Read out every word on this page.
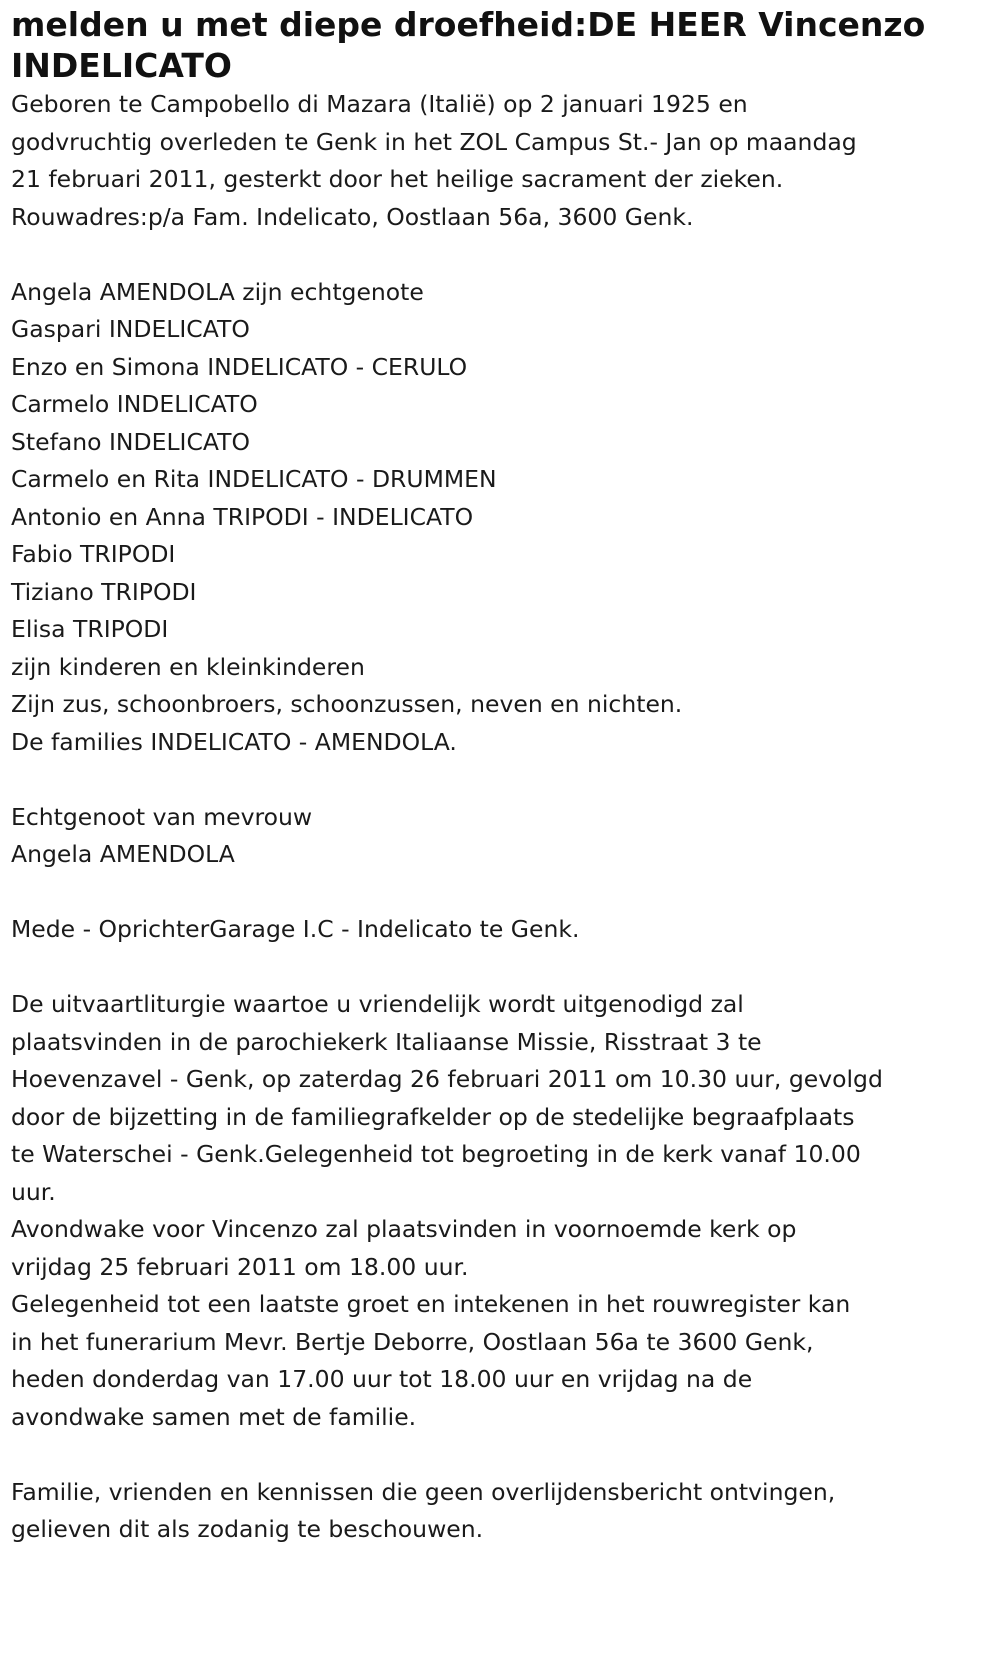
melden u met diepe droefheid:DE HEER Vincenzo
INDELICATO
Geboren te Campobello di Mazara (Italië) op 2 januari 1925 en
godvruchtig overleden te Genk in het ZOL Campus St.- Jan op maandag
21 februari 2011, gesterkt door het heilige sacrament der zieken.
Rouwadres:p/a Fam. Indelicato, Oostlaan 56a, 3600 Genk.
Angela AMENDOLA zijn echtgenote
Gaspari INDELICATO
Enzo en Simona INDELICATO - CERULO
Carmelo INDELICATO
Stefano INDELICATO
Carmelo en Rita INDELICATO - DRUMMEN
Antonio en Anna TRIPODI - INDELICATO
Fabio TRIPODI
Tiziano TRIPODI
Elisa TRIPODI
zijn kinderen en kleinkinderen
Zijn zus, schoonbroers, schoonzussen, neven en nichten.
De families INDELICATO - AMENDOLA.
Echtgenoot van mevrouw
Angela AMENDOLA
Mede - OprichterGarage I.C - Indelicato te Genk.
De uitvaartliturgie waartoe u vriendelijk wordt uitgenodigd zal
plaatsvinden in de parochiekerk Italiaanse Missie, Risstraat 3 te
Hoevenzavel - Genk, op zaterdag 26 februari 2011 om 10.30 uur, gevolgd
door de bijzetting in de familiegrafkelder op de stedelijke begraafplaats
te Waterschei - Genk.Gelegenheid tot begroeting in de kerk vanaf 10.00
uur.
Avondwake voor Vincenzo zal plaatsvinden in voornoemde kerk op
vrijdag 25 februari 2011 om 18.00 uur.
Gelegenheid tot een laatste groet en intekenen in het rouwregister kan
in het funerarium Mevr. Bertje Deborre, Oostlaan 56a te 3600 Genk,
heden donderdag van 17.00 uur tot 18.00 uur en vrijdag na de
avondwake samen met de familie.
Familie, vrienden en kennissen die geen overlijdensbericht ontvingen,
gelieven dit als zodanig te beschouwen.
